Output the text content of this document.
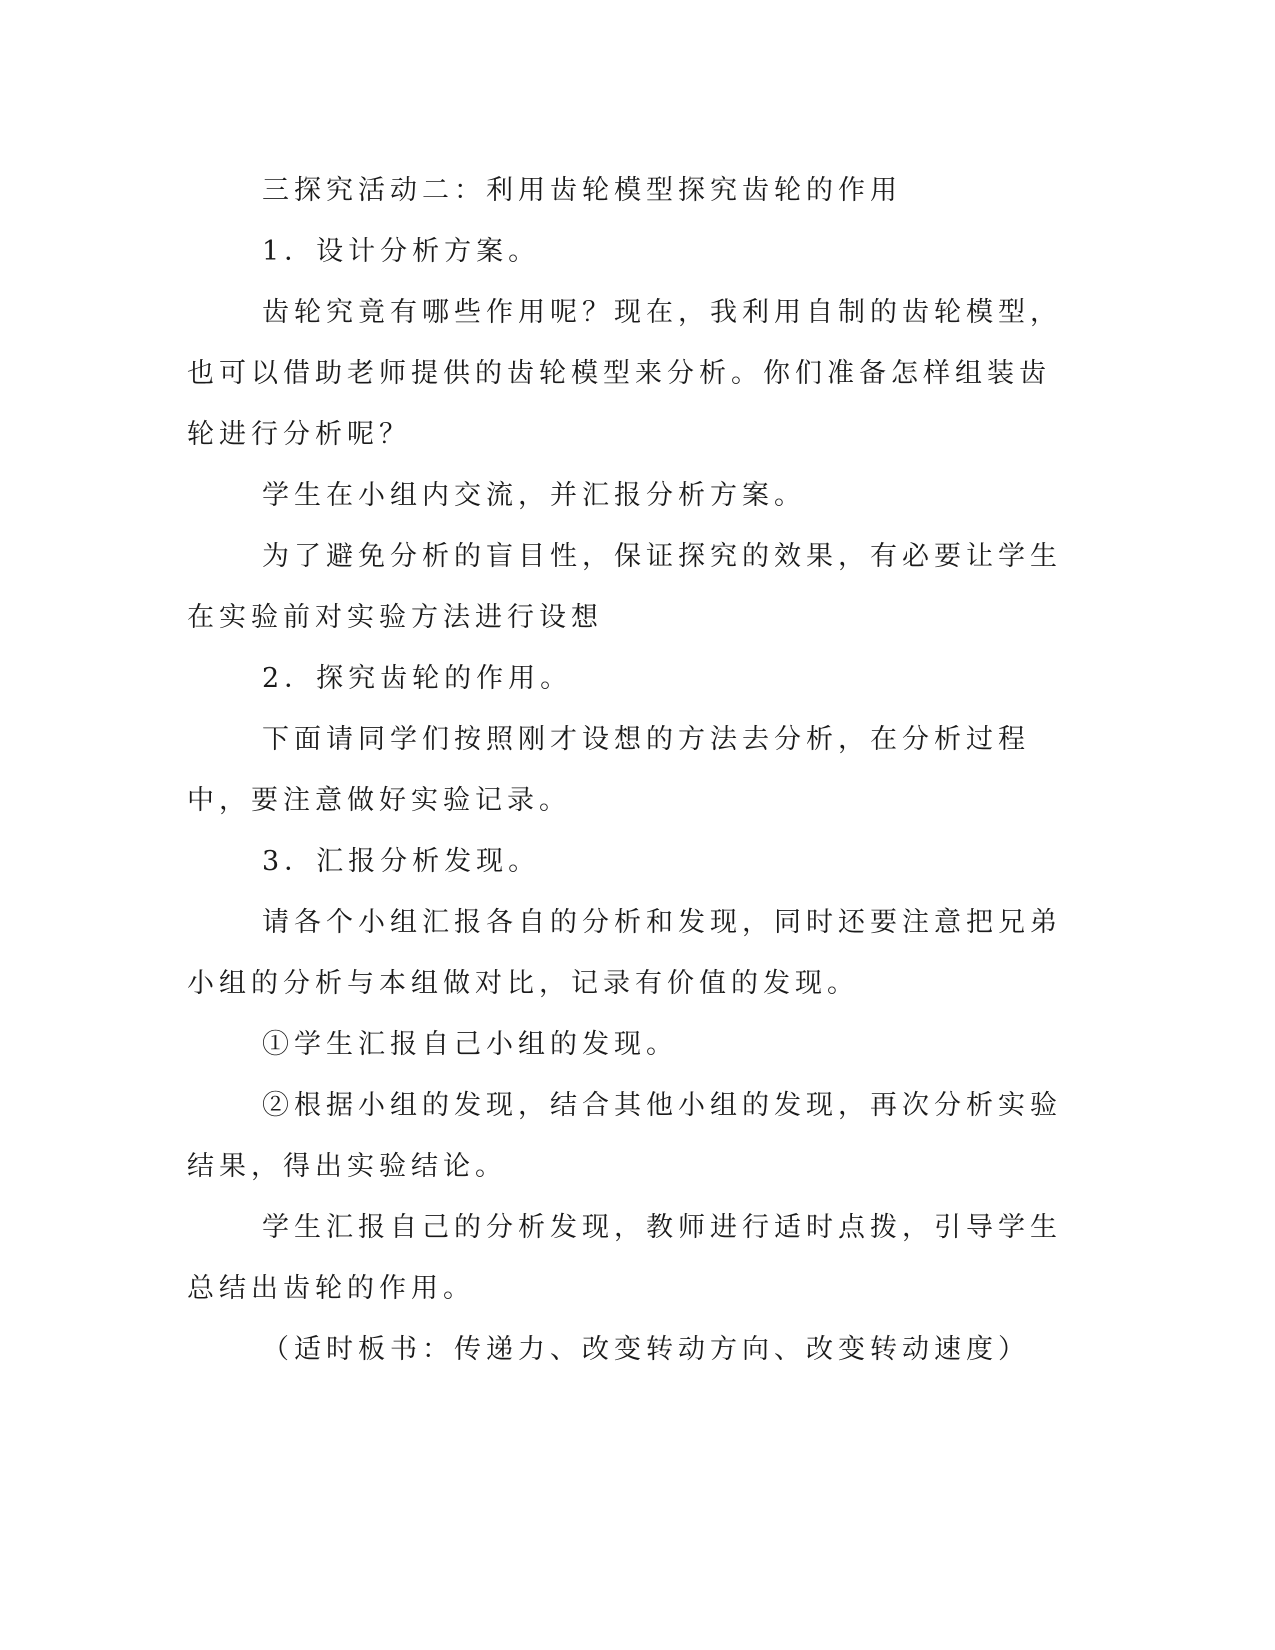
三探究活动二：利用齿轮模型探究齿轮的作用

1．设计分析方案。

齿轮究竟有哪些作用呢？现在，我利用自制的齿轮模型，也可以借助老师提供的齿轮模型来分析。你们准备怎样组装齿轮进行分析呢？

学生在小组内交流，并汇报分析方案。

为了避免分析的盲目性，保证探究的效果，有必要让学生在实验前对实验方法进行设想

2．探究齿轮的作用。

下面请同学们按照刚才设想的方法去分析，在分析过程中，要注意做好实验记录。

3．汇报分析发现。

请各个小组汇报各自的分析和发现，同时还要注意把兄弟小组的分析与本组做对比，记录有价值的发现。

①学生汇报自己小组的发现。

②根据小组的发现，结合其他小组的发现，再次分析实验结果，得出实验结论。

学生汇报自己的分析发现，教师进行适时点拨，引导学生总结出齿轮的作用。

（适时板书：传递力、改变转动方向、改变转动速度）
